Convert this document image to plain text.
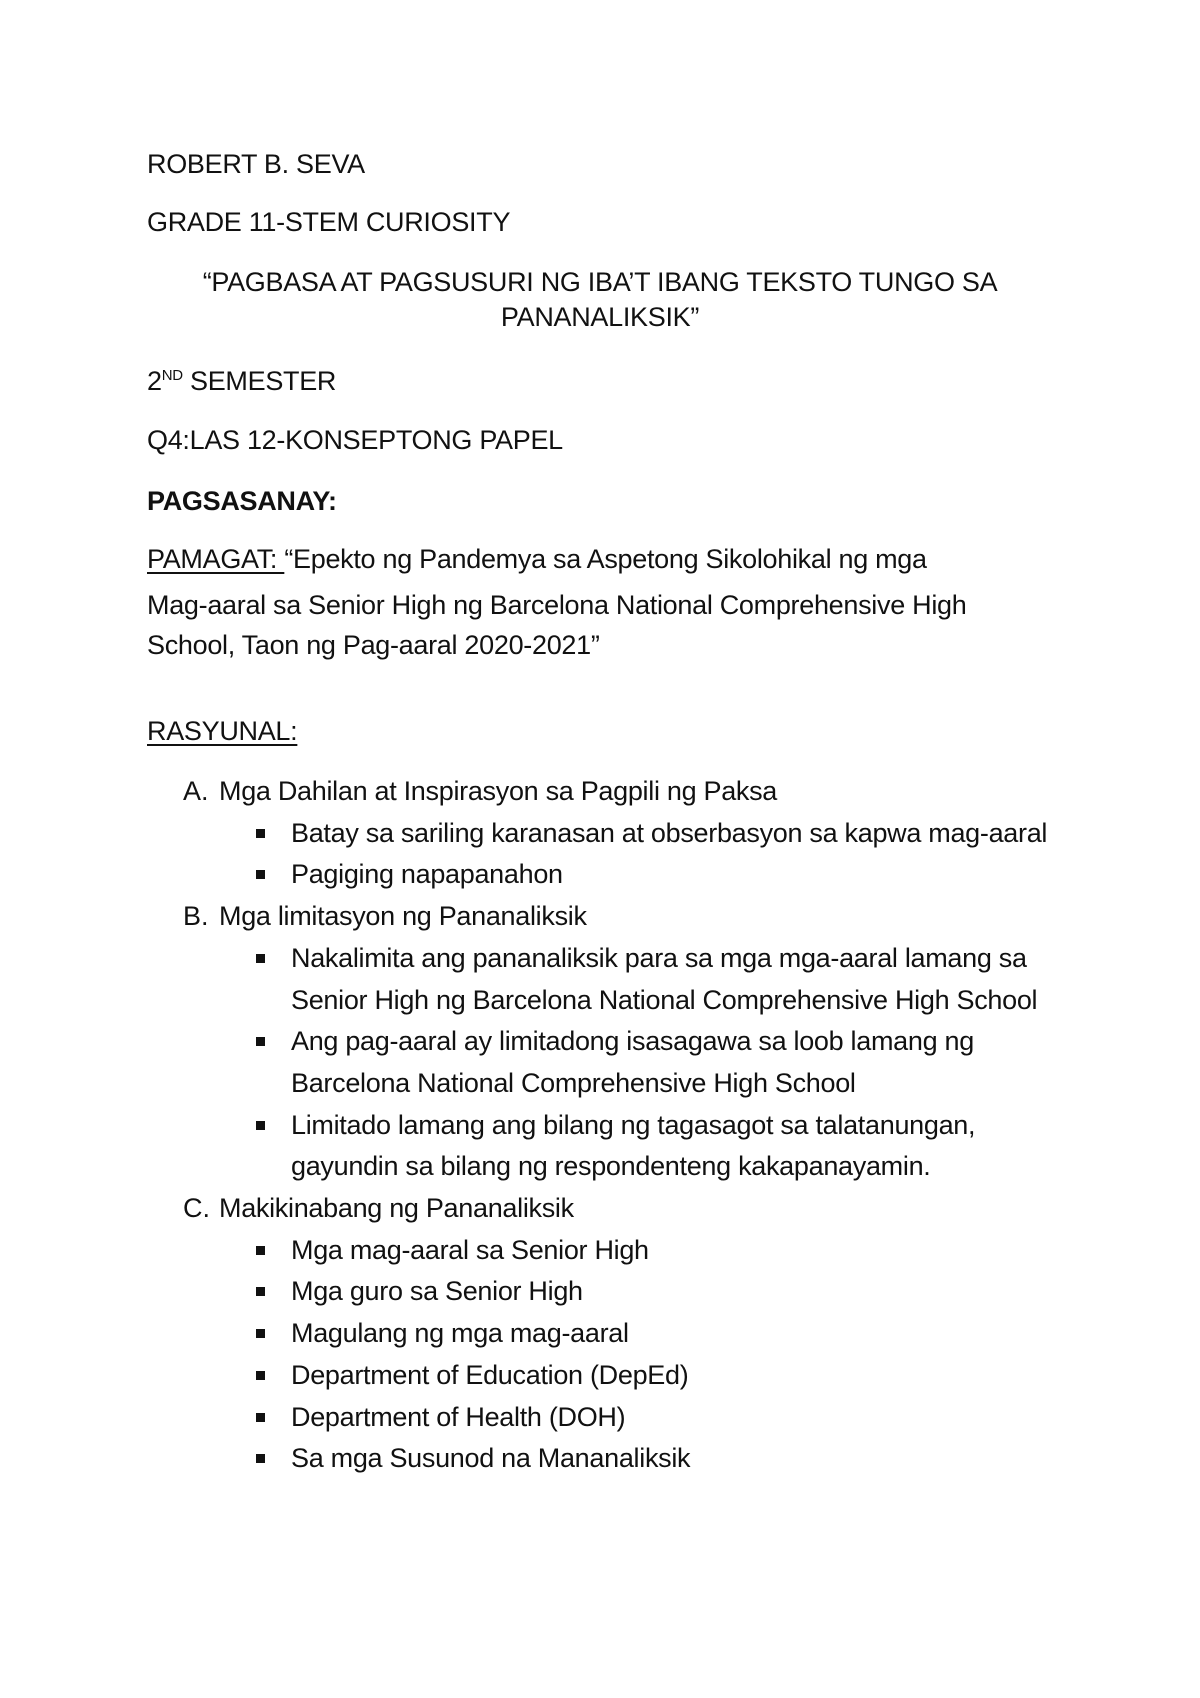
ROBERT B. SEVA
GRADE 11-STEM CURIOSITY
“PAGBASA AT PAGSUSURI NG IBA’T IBANG TEKSTO TUNGO SA
PANANALIKSIK”
2ND SEMESTER
Q4:LAS 12-KONSEPTONG PAPEL
PAGSASANAY:
PAMAGAT: “Epekto ng Pandemya sa Aspetong Sikolohikal ng mga
Mag-aaral sa Senior High ng Barcelona National Comprehensive High
School, Taon ng Pag-aaral 2020-2021”
RASYUNAL:
A. Mga Dahilan at Inspirasyon sa Pagpili ng Paksa
Batay sa sariling karanasan at obserbasyon sa kapwa mag-aaral
Pagiging napapanahon
B. Mga limitasyon ng Pananaliksik
Nakalimita ang pananaliksik para sa mga mga-aaral lamang sa
Senior High ng Barcelona National Comprehensive High School
Ang pag-aaral ay limitadong isasagawa sa loob lamang ng
Barcelona National Comprehensive High School
Limitado lamang ang bilang ng tagasagot sa talatanungan,
gayundin sa bilang ng respondenteng kakapanayamin.
C. Makikinabang ng Pananaliksik
Mga mag-aaral sa Senior High
Mga guro sa Senior High
Magulang ng mga mag-aaral
Department of Education (DepEd)
Department of Health (DOH)
Sa mga Susunod na Mananaliksik
